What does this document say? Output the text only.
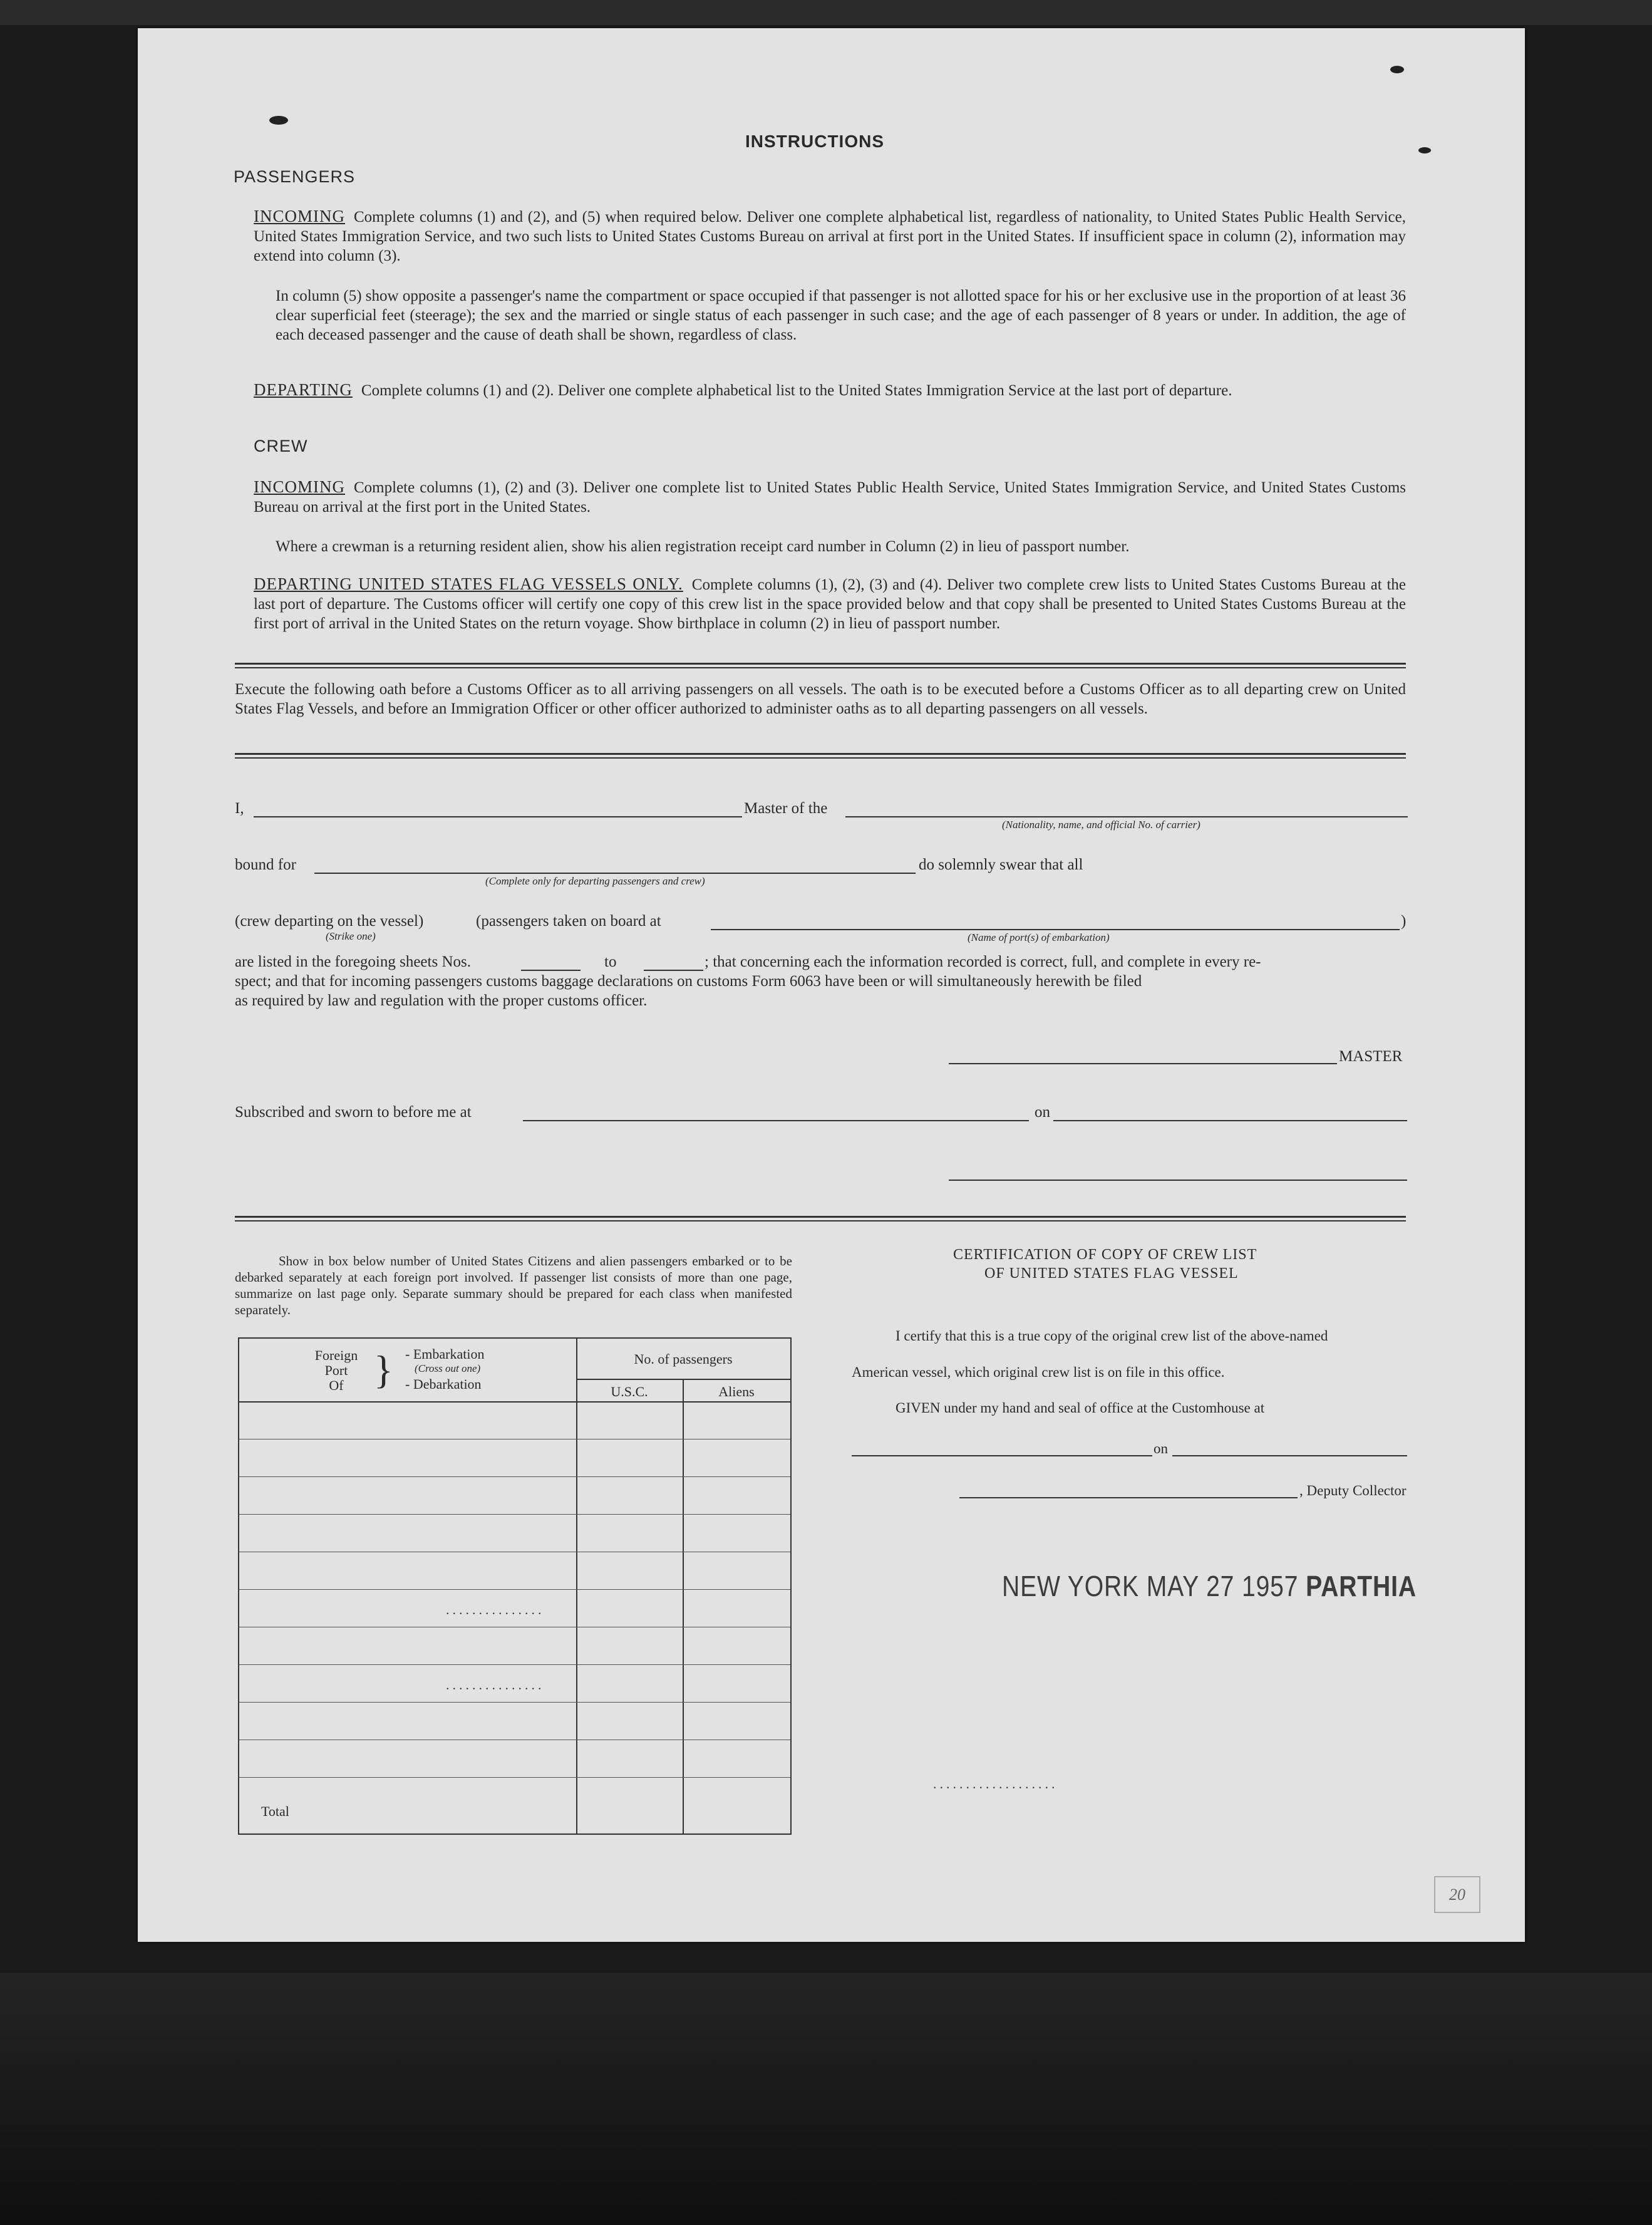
INSTRUCTIONS
PASSENGERS
INCOMING Complete columns (1) and (2), and (5) when required below. Deliver one complete alphabetical list, regardless of nationality, to United States Public Health Service, United States Immigration Service, and two such lists to United States Customs Bureau on arrival at first port in the United States. If insufficient space in column (2), information may extend into column (3).
In column (5) show opposite a passenger's name the compartment or space occupied if that passenger is not allotted space for his or her exclusive use in the proportion of at least 36 clear superficial feet (steerage); the sex and the married or single status of each passenger in such case; and the age of each passenger of 8 years or under. In addition, the age of each deceased passenger and the cause of death shall be shown, regardless of class.
DEPARTING Complete columns (1) and (2). Deliver one complete alphabetical list to the United States Immigration Service at the last port of departure.
CREW
INCOMING Complete columns (1), (2) and (3). Deliver one complete list to United States Public Health Service, United States Immigration Service, and United States Customs Bureau on arrival at the first port in the United States.
Where a crewman is a returning resident alien, show his alien registration receipt card number in Column (2) in lieu of passport number.
DEPARTING UNITED STATES FLAG VESSELS ONLY. Complete columns (1), (2), (3) and (4). Deliver two complete crew lists to United States Customs Bureau at the last port of departure. The Customs officer will certify one copy of this crew list in the space provided below and that copy shall be presented to United States Customs Bureau at the first port of arrival in the United States on the return voyage. Show birthplace in column (2) in lieu of passport number.
Execute the following oath before a Customs Officer as to all arriving passengers on all vessels. The oath is to be executed before a Customs Officer as to all departing crew on United States Flag Vessels, and before an Immigration Officer or other officer authorized to administer oaths as to all departing passengers on all vessels.
I,	Master of the
(Nationality, name, and official No. of carrier)
bound for	do solemnly swear that all
(Complete only for departing passengers and crew)
(crew departing on the vessel)
(Strike one)
(passengers taken on board at	)
(Name of port(s) of embarkation)
are listed in the foregoing sheets Nos.	to	; that concerning each the information recorded is correct, full, and complete in every re-
spect; and that for incoming passengers customs baggage declarations on customs Form 6063 have been or will simultaneously herewith be filed
as required by law and regulation with the proper customs officer.
MASTER
Subscribed and sworn to before me at	on
Show in box below number of United States Citizens and alien passengers embarked or to be debarked separately at each foreign port involved. If passenger list consists of more than one page, summarize on last page only. Separate summary should be prepared for each class when manifested separately.
Foreign
Port
Of } - Embarkation
(Cross out one)
- Debarkation
No. of passengers
U.S.C.	Aliens
...............
...............
Total
CERTIFICATION OF COPY OF CREW LIST
OF UNITED STATES FLAG VESSEL
I certify that this is a true copy of the original crew list of the above-named
American vessel, which original crew list is on file in this office.
GIVEN under my hand and seal of office at the Customhouse at
on
, Deputy Collector
NEW YORK MAY 27 1957 PARTHIA
...................
20
